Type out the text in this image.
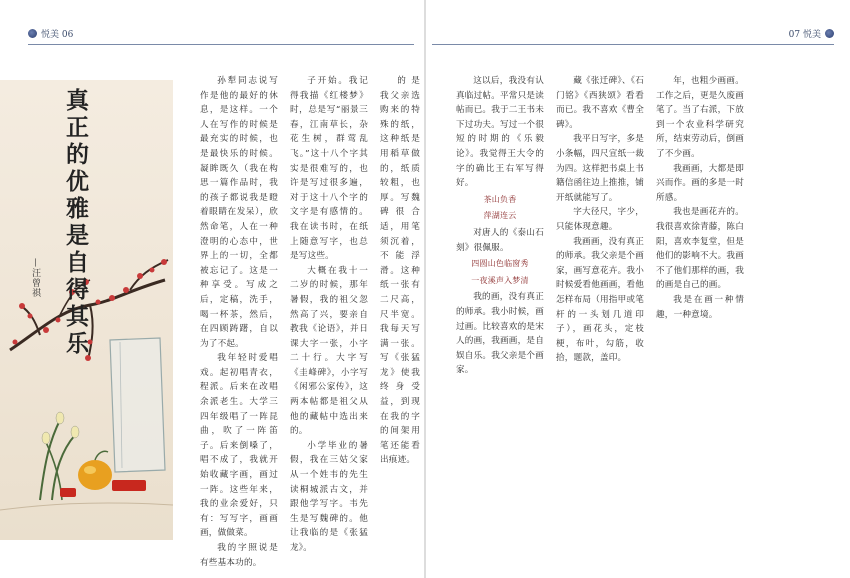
悦美 06
真正的优雅是自得其乐
—汪曾祺

孙犁同志说写作是他的最好的休息，是这样。一个人在写作的时候是最充实的时候，也是最快乐的时候。凝眸既久（我在构思一篇作品时，我的孩子都说我是瞪着眼睛在发呆），欣然命笔，人在一种澄明的心态中，世界上的一切，全都被忘记了。这是一种享受。写成之后，定稿，洗手，喝一杯茶，然后，在四顾踌躇，自以为了不起。

我年轻时爱唱戏。起初唱青衣，程派。后来在改唱余派老生。大学三四年级唱了一阵昆曲，吹了一阵笛子。后来倒嗓了，唱不成了，我就开始收藏字画，画过一阵。这些年来，我的业余爱好，只有：写写字，画画画，做做菜。

我的字照说是有些基本功的。

子开始。我记得我描《红楼梦》时，总是写“丽景三春，江南草长，杂花生树，群莺乱飞。”这十八个字其实是很难写的，也许是写过很多遍，对于这十八个字的文字是有感情的。我在读书时，在纸上随意写字，也总是写这些。

大概在我十一二岁的时候，那年暑假，我的祖父忽然高了兴，要亲自教我《论语》，并日课大字一张，小字二十行。大字写《圭峰碑》，小字写《闲邪公家传》，这两本帖都是祖父从他的藏帖中选出来的。

小学毕业的暑假，我在三姑父家从一个姓韦的先生读桐城派古文，并跟他学写字。韦先生是写魏碑的。他让我临的是《张猛龙》。

的是我父亲选购来的特殊的纸，这种纸是用稻草做的，纸质较粗，也厚。写魏碑很合适，用笔须沉着，不能浮滑。这种纸一张有二尺高，尺半宽。我每天写满一张。写《张猛龙》使我终身受益，到现在我的字的间架用笔还能看出痕迹。

07 悦美

这以后，我没有认真临过帖。平常只是读帖而已。我于二王书未下过功夫。写过一个很短的时期的《乐毅论》。我觉得王大令的字的确比王右军写得好。

茶山负香
萍湖连云

对唐人的《泰山石刻》很佩服。

四圆山色临窗秀
一夜溪声入梦清

我的画，没有真正的师承。我小时候，画过画。比较喜欢的是宋人的画，我画画，是自娱自乐。我父亲是个画家。

藏《张迁碑》、《石门铭》《西狭颂》看看而已。我不喜欢《曹全碑》。

我平日写字，多是小条幅，四尺宣纸一裁为四。这样把书桌上书籍信函往边上推推，铺开纸就能写了。

字大径尺，字少，只能体现意趣。

我画画，没有真正的师承。我父亲是个画家，画写意花卉。我小时候爱看他画画，看他怎样布局（用指甲或笔杆的一头划几道印子），画花头，定枝梗，布叶，勾筋，收拾，题款，盖印。

年，也粗少画画。工作之后，更是久废画笔了。当了右派，下放到一个农业科学研究所，结束劳动后，倒画了不少画。

我画画，大都是即兴而作。画的多是一时所感。

我也是画花卉的。我很喜欢徐青藤，陈白阳，喜欢李复堂，但是他们的影响不大。我画不了他们那样的画，我的画是自己的画。

我是在画一种情趣，一种意境。
